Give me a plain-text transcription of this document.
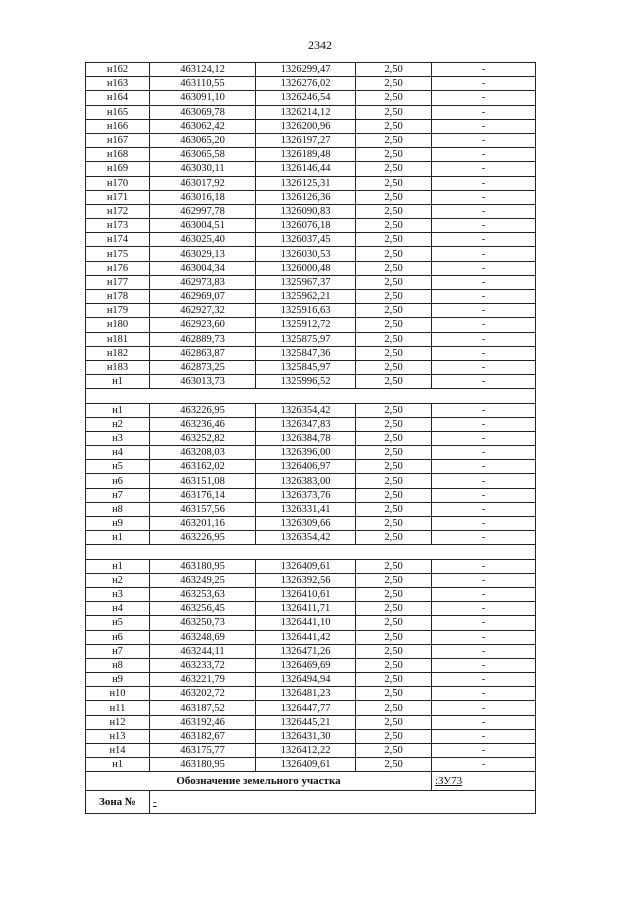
2342
н162	463124,12	1326299,47	2,50	-
н163	463110,55	1326276,02	2,50	-
н164	463091,10	1326246,54	2,50	-
н165	463069,78	1326214,12	2,50	-
н166	463062,42	1326200,96	2,50	-
н167	463065,20	1326197,27	2,50	-
н168	463065,58	1326189,48	2,50	-
н169	463030,11	1326146,44	2,50	-
н170	463017,92	1326125,31	2,50	-
н171	463016,18	1326126,36	2,50	-
н172	462997,78	1326090,83	2,50	-
н173	463004,51	1326076,18	2,50	-
н174	463025,40	1326037,45	2,50	-
н175	463029,13	1326030,53	2,50	-
н176	463004,34	1326000,48	2,50	-
н177	462973,83	1325967,37	2,50	-
н178	462969,07	1325962,21	2,50	-
н179	462927,32	1325916,63	2,50	-
н180	462923,60	1325912,72	2,50	-
н181	462889,73	1325875,97	2,50	-
н182	462863,87	1325847,36	2,50	-
н183	462873,25	1325845,97	2,50	-
н1	463013,73	1325996,52	2,50	-

н1	463226,95	1326354,42	2,50	-
н2	463236,46	1326347,83	2,50	-
н3	463252,82	1326384,78	2,50	-
н4	463208,03	1326396,00	2,50	-
н5	463162,02	1326406,97	2,50	-
н6	463151,08	1326383,00	2,50	-
н7	463176,14	1326373,76	2,50	-
н8	463157,56	1326331,41	2,50	-
н9	463201,16	1326309,66	2,50	-
н1	463226,95	1326354,42	2,50	-

н1	463180,95	1326409,61	2,50	-
н2	463249,25	1326392,56	2,50	-
н3	463253,63	1326410,61	2,50	-
н4	463256,45	1326411,71	2,50	-
н5	463250,73	1326441,10	2,50	-
н6	463248,69	1326441,42	2,50	-
н7	463244,11	1326471,26	2,50	-
н8	463233,72	1326469,69	2,50	-
н9	463221,79	1326494,94	2,50	-
н10	463202,72	1326481,23	2,50	-
н11	463187,52	1326447,77	2,50	-
н12	463192,46	1326445,21	2,50	-
н13	463182,67	1326431,30	2,50	-
н14	463175,77	1326412,22	2,50	-
н1	463180,95	1326409,61	2,50	-
Обозначение земельного участка				:ЗУ73
Зона №	-			
